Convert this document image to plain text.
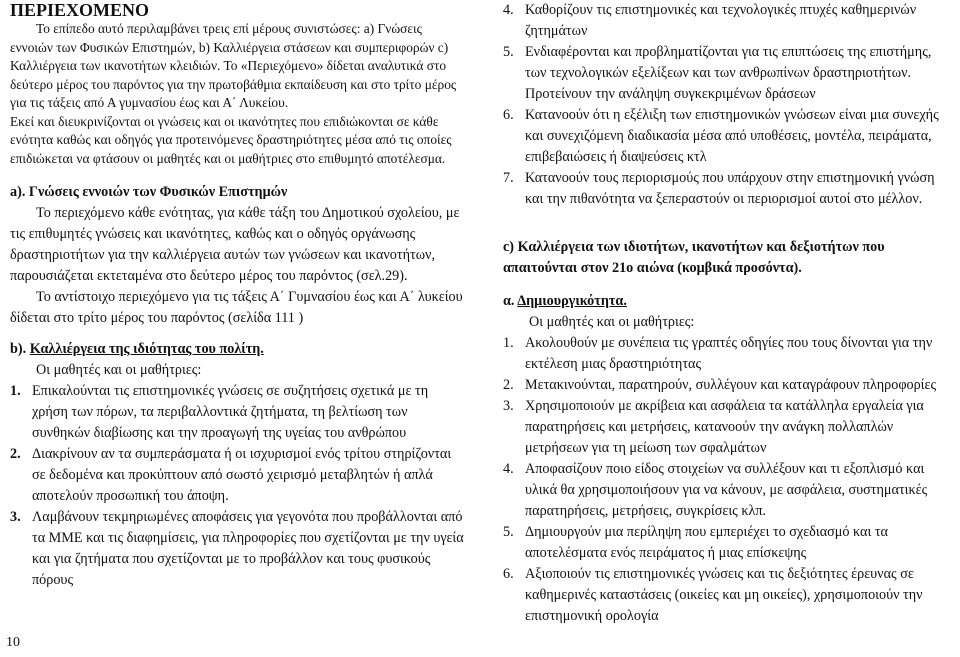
ΠΕΡΙΕΧΟΜΕΝΟ
Το επίπεδο αυτό περιλαμβάνει τρεις επί μέρους συνιστώσες: a) Γνώσεις εννοιών των Φυσικών Επιστημών, b) Καλλιέργεια στάσεων και συμπεριφορών c) Καλλιέργεια των ικανοτήτων κλειδιών. Το «Περιεχόμενο» δίδεται αναλυτικά στο δεύτερο μέρος του παρόντος για την πρωτοβάθμια εκπαίδευση και στο τρίτο μέρος για τις τάξεις από Α γυμνασίου έως και Α΄ Λυκείου.
Εκεί και διευκρινίζονται οι γνώσεις και οι ικανότητες που επιδιώκονται σε κάθε ενότητα καθώς και οδηγός για προτεινόμενες δραστηριότητες μέσα από τις οποίες επιδιώκεται να φτάσουν οι μαθητές και οι μαθήτριες στο επιθυμητό αποτέλεσμα.
a). Γνώσεις εννοιών των Φυσικών Επιστημών
Το περιεχόμενο κάθε ενότητας, για κάθε τάξη του Δημοτικού σχολείου, με τις επιθυμητές γνώσεις και ικανότητες, καθώς και ο οδηγός οργάνωσης δραστηριοτήτων για την καλλιέργεια αυτών των γνώσεων και ικανοτήτων, παρουσιάζεται εκτεταμένα στο δεύτερο μέρος του παρόντος (σελ.29).
Το αντίστοιχο περιεχόμενο για τις τάξεις Α΄ Γυμνασίου έως και Α΄ λυκείου δίδεται στο τρίτο μέρος του παρόντος (σελίδα 111 )
b). Καλλιέργεια της ιδιότητας του πολίτη.
Οι μαθητές και οι μαθήτριες:
1. Επικαλούνται τις επιστημονικές γνώσεις σε συζητήσεις σχετικά με τη χρήση των πόρων, τα περιβαλλοντικά ζητήματα, τη βελτίωση των συνθηκών διαβίωσης και την προαγωγή της υγείας του ανθρώπου
2. Διακρίνουν αν τα συμπεράσματα ή οι ισχυρισμοί ενός τρίτου στηρίζονται σε δεδομένα και προκύπτουν από σωστό χειρισμό μεταβλητών ή απλά αποτελούν προσωπική του άποψη.
3. Λαμβάνουν τεκμηριωμένες αποφάσεις για γεγονότα που προβάλλονται από τα ΜΜΕ και τις διαφημίσεις, για πληροφορίες που σχετίζονται με την υγεία και για ζητήματα που σχετίζονται με το προβάλλον και τους φυσικούς πόρους
4. Καθορίζουν τις επιστημονικές και τεχνολογικές πτυχές καθημερινών ζητημάτων
5. Ενδιαφέρονται και προβληματίζονται για τις επιπτώσεις της επιστήμης, των τεχνολογικών εξελίξεων και των ανθρωπίνων δραστηριοτήτων. Προτείνουν την ανάληψη συγκεκριμένων δράσεων
6. Κατανοούν ότι η εξέλιξη των επιστημονικών γνώσεων είναι μια συνεχής και συνεχιζόμενη διαδικασία μέσα από υποθέσεις, μοντέλα, πειράματα, επιβεβαιώσεις ή διαψεύσεις κτλ
7. Κατανοούν τους περιορισμούς που υπάρχουν στην επιστημονική γνώση και την πιθανότητα να ξεπεραστούν οι περιορισμοί αυτοί στο μέλλον.
c) Καλλιέργεια των ιδιοτήτων, ικανοτήτων και δεξιοτήτων που απαιτούνται στον 21ο αιώνα (κομβικά προσόντα).
α. Δημιουργικότητα.
Οι μαθητές και οι μαθήτριες:
1. Ακολουθούν με συνέπεια τις γραπτές οδηγίες που τους δίνονται για την εκτέλεση μιας δραστηριότητας
2. Μετακινούνται, παρατηρούν, συλλέγουν και καταγράφουν πληροφορίες
3. Χρησιμοποιούν με ακρίβεια και ασφάλεια τα κατάλληλα εργαλεία για παρατηρήσεις και μετρήσεις, κατανοούν την ανάγκη πολλαπλών μετρήσεων για τη μείωση των σφαλμάτων
4. Αποφασίζουν ποιο είδος στοιχείων να συλλέξουν και τι εξοπλισμό και υλικά θα χρησιμοποιήσουν για να κάνουν, με ασφάλεια, συστηματικές παρατηρήσεις, μετρήσεις, συγκρίσεις κλπ.
5. Δημιουργούν μια περίληψη που εμπεριέχει το σχεδιασμό και τα αποτελέσματα ενός πειράματος ή μιας επίσκεψης
6. Αξιοποιούν τις επιστημονικές γνώσεις και τις δεξιότητες έρευνας σε καθημερινές καταστάσεις (οικείες και μη οικείες), χρησιμοποιούν την επιστημονική ορολογία
10
